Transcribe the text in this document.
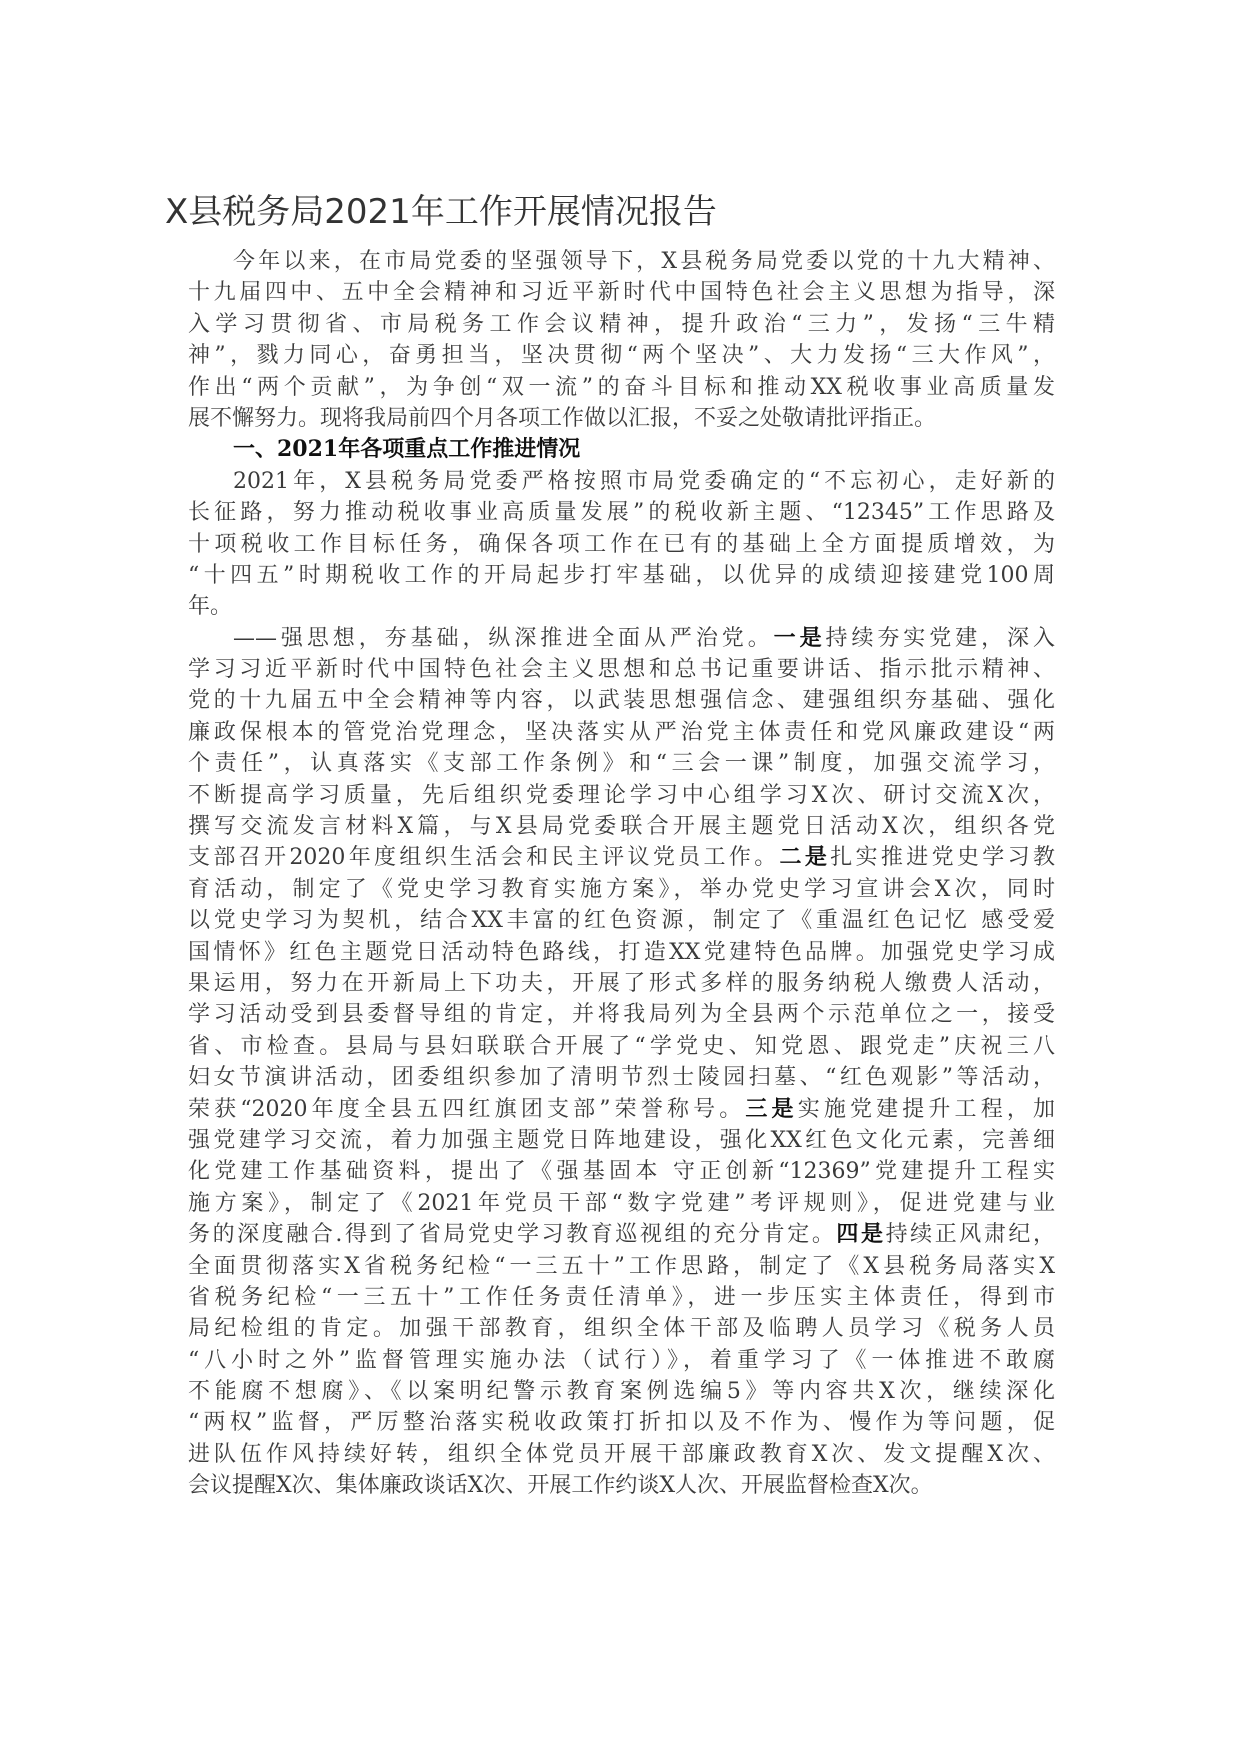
X县税务局2021年工作开展情况报告
今年以来，在市局党委的坚强领导下，X县税务局党委以党的十九大精神、
十九届四中、五中全会精神和习近平新时代中国特色社会主义思想为指导，深
入学习贯彻省、市局税务工作会议精神，提升政治“三力”，发扬“三牛精
神”，戮力同心，奋勇担当，坚决贯彻“两个坚决”、大力发扬“三大作风”，
作出“两个贡献”，为争创“双一流”的奋斗目标和推动XX税收事业高质量发
展不懈努力。现将我局前四个月各项工作做以汇报，不妥之处敬请批评指正。
一、2021年各项重点工作推进情况
2021年，X县税务局党委严格按照市局党委确定的“不忘初心，走好新的
长征路，努力推动税收事业高质量发展”的税收新主题、“12345”工作思路及
十项税收工作目标任务，确保各项工作在已有的基础上全方面提质增效，为
“十四五”时期税收工作的开局起步打牢基础，以优异的成绩迎接建党100周
年。
——强思想，夯基础，纵深推进全面从严治党。一是持续夯实党建，深入
学习习近平新时代中国特色社会主义思想和总书记重要讲话、指示批示精神、
党的十九届五中全会精神等内容，以武装思想强信念、建强组织夯基础、强化
廉政保根本的管党治党理念，坚决落实从严治党主体责任和党风廉政建设“两
个责任”，认真落实《支部工作条例》和“三会一课”制度，加强交流学习，
不断提高学习质量，先后组织党委理论学习中心组学习X次、研讨交流X次，
撰写交流发言材料X篇，与X县局党委联合开展主题党日活动X次，组织各党
支部召开2020年度组织生活会和民主评议党员工作。二是扎实推进党史学习教
育活动，制定了《党史学习教育实施方案》，举办党史学习宣讲会X次，同时
以党史学习为契机，结合XX丰富的红色资源，制定了《重温红色记忆 感受爱
国情怀》红色主题党日活动特色路线，打造XX党建特色品牌。加强党史学习成
果运用，努力在开新局上下功夫，开展了形式多样的服务纳税人缴费人活动，
学习活动受到县委督导组的肯定，并将我局列为全县两个示范单位之一，接受
省、市检查。县局与县妇联联合开展了“学党史、知党恩、跟党走”庆祝三八
妇女节演讲活动，团委组织参加了清明节烈士陵园扫墓、“红色观影”等活动，
荣获“2020年度全县五四红旗团支部”荣誉称号。三是实施党建提升工程，加
强党建学习交流，着力加强主题党日阵地建设，强化XX红色文化元素，完善细
化党建工作基础资料，提出了《强基固本 守正创新“12369”党建提升工程实
施方案》，制定了《2021年党员干部“数字党建”考评规则》，促进党建与业
务的深度融合.得到了省局党史学习教育巡视组的充分肯定。四是持续正风肃纪，
全面贯彻落实X省税务纪检“一三五十”工作思路，制定了《X县税务局落实X
省税务纪检“一三五十”工作任务责任清单》，进一步压实主体责任，得到市
局纪检组的肯定。加强干部教育，组织全体干部及临聘人员学习《税务人员
“八小时之外”监督管理实施办法（试行）》，着重学习了《一体推进不敢腐
不能腐不想腐》、《以案明纪警示教育案例选编5》等内容共X次，继续深化
“两权”监督，严厉整治落实税收政策打折扣以及不作为、慢作为等问题，促
进队伍作风持续好转，组织全体党员开展干部廉政教育X次、发文提醒X次、
会议提醒X次、集体廉政谈话X次、开展工作约谈X人次、开展监督检查X次。
